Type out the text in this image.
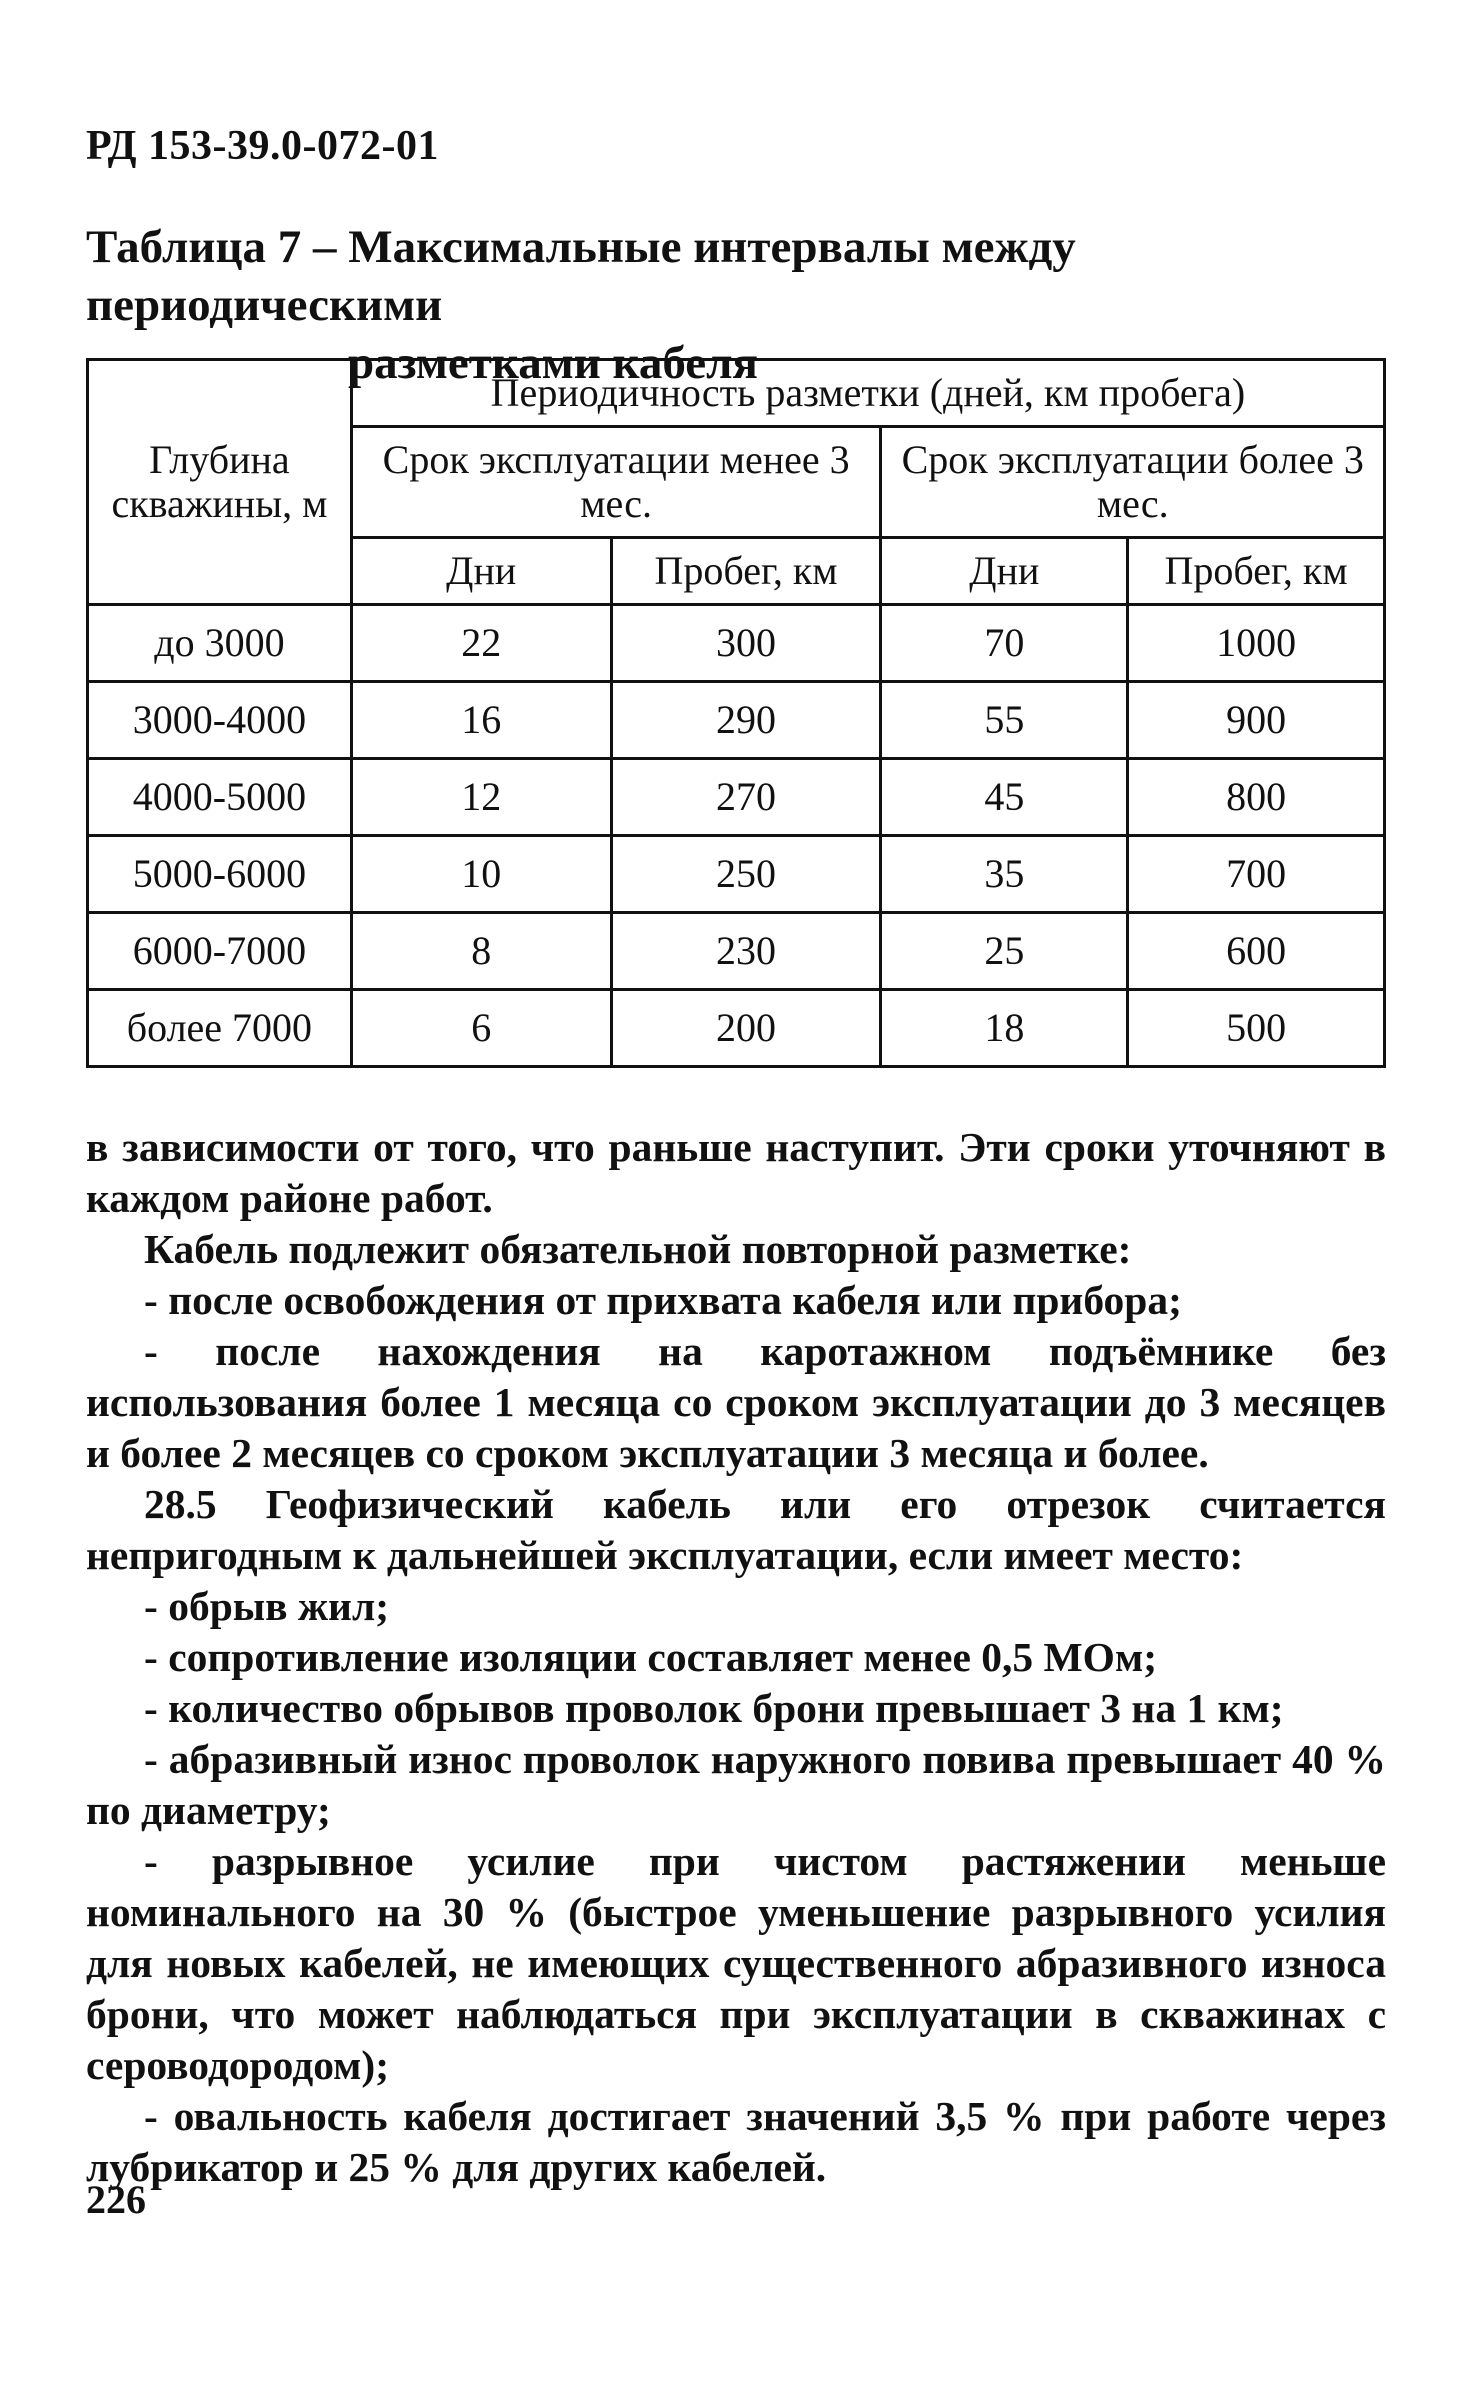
РД 153-39.0-072-01
Таблица 7 – Максимальные интервалы между периодическими
разметками кабеля
Глубина скважины, м	Периодичность разметки (дней, км пробега)			
	Срок эксплуатации менее 3 мес.		Срок эксплуатации более 3 мес.	
	Дни	Пробег, км	Дни	Пробег, км
до 3000	22	300	70	1000
3000-4000	16	290	55	900
4000-5000	12	270	45	800
5000-6000	10	250	35	700
6000-7000	8	230	25	600
более 7000	6	200	18	500

в зависимости от того, что раньше наступит. Эти сроки уточняют в каждом районе работ.

Кабель подлежит обязательной повторной разметке:

- после освобождения от прихвата кабеля или прибора;

- после нахождения на каротажном подъёмнике без использования более 1 месяца со сроком эксплуатации до 3 месяцев и более 2 месяцев со сроком эксплуатации 3 месяца и более.

28.5 Геофизический кабель или его отрезок считается непригодным к дальнейшей эксплуатации, если имеет место:

- обрыв жил;

- сопротивление изоляции составляет менее 0,5 МОм;

- количество обрывов проволок брони превышает 3 на 1 км;

- абразивный износ проволок наружного повива превышает 40 % по диаметру;

- разрывное усилие при чистом растяжении меньше номинального на 30 % (быстрое уменьшение разрывного усилия для новых кабелей, не имеющих существенного абразивного износа брони, что может наблюдаться при эксплуатации в скважинах с сероводородом);

- овальность кабеля достигает значений 3,5 % при работе через лубрикатор и 25 % для других кабелей.

226
